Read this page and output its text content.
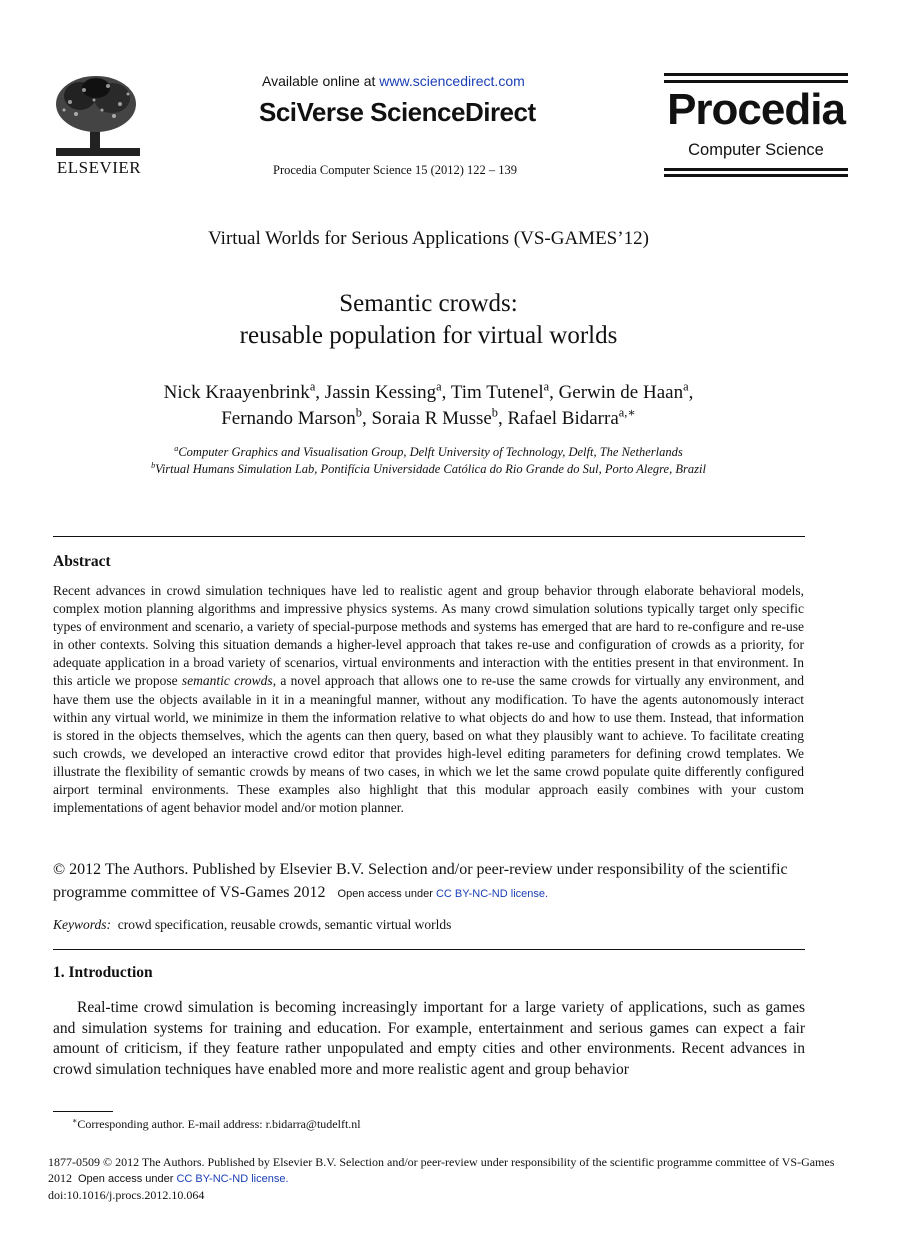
ELSEVIER
Available online at www.sciencedirect.com
SciVerse ScienceDirect
Procedia Computer Science 15 (2012) 122 – 139
Procedia
Computer Science
Virtual Worlds for Serious Applications (VS-GAMES’12)
Semantic crowds:
reusable population for virtual worlds
Nick Kraayenbrink$^a$, Jassin Kessing$^a$, Tim Tutenel$^a$, Gerwin de Haan$^a$,
Fernando Marson$^b$, Soraia R Musse$^b$, Rafael Bidarra$^{a,∗}$
$^a$Computer Graphics and Visualisation Group, Delft University of Technology, Delft, The Netherlands
$^b$Virtual Humans Simulation Lab, Pontifícia Universidade Católica do Rio Grande do Sul, Porto Alegre, Brazil
Abstract
Recent advances in crowd simulation techniques have led to realistic agent and group behavior through elaborate behavioral models, complex motion planning algorithms and impressive physics systems. As many crowd simulation solutions typically target only specific types of environment and scenario, a variety of special-purpose methods and systems has emerged that are hard to re-configure and re-use in other contexts. Solving this situation demands a higher-level approach that takes re-use and configuration of crowds as a priority, for adequate application in a broad variety of scenarios, virtual environments and interaction with the entities present in that environment. In this article we propose semantic crowds, a novel approach that allows one to re-use the same crowds for virtually any environment, and have them use the objects available in it in a meaningful manner, without any modification. To have the agents autonomously interact within any virtual world, we minimize in them the information relative to what objects do and how to use them. Instead, that information is stored in the objects themselves, which the agents can then query, based on what they plausibly want to achieve. To facilitate creating such crowds, we developed an interactive crowd editor that provides high-level editing parameters for defining crowd templates. We illustrate the flexibility of semantic crowds by means of two cases, in which we let the same crowd populate quite differently configured airport terminal environments. These examples also highlight that this modular approach easily combines with your custom implementations of agent behavior model and/or motion planner.
© 2012 The Authors. Published by Elsevier B.V. Selection and/or peer-review under responsibility of the scientific programme committee of VS-Games 2012 Open access under CC BY-NC-ND license.
Keywords: crowd specification, reusable crowds, semantic virtual worlds
1. Introduction
Real-time crowd simulation is becoming increasingly important for a large variety of applications, such as games and simulation systems for training and education. For example, entertainment and serious games can expect a fair amount of criticism, if they feature rather unpopulated and empty cities and other environments. Recent advances in crowd simulation techniques have enabled more and more realistic agent and group behavior
∗Corresponding author. E-mail address: r.bidarra@tudelft.nl
1877-0509 © 2012 The Authors. Published by Elsevier B.V. Selection and/or peer-review under responsibility of the scientific programme committee of VS-Games 2012 Open access under CC BY-NC-ND license.
doi:10.1016/j.procs.2012.10.064
